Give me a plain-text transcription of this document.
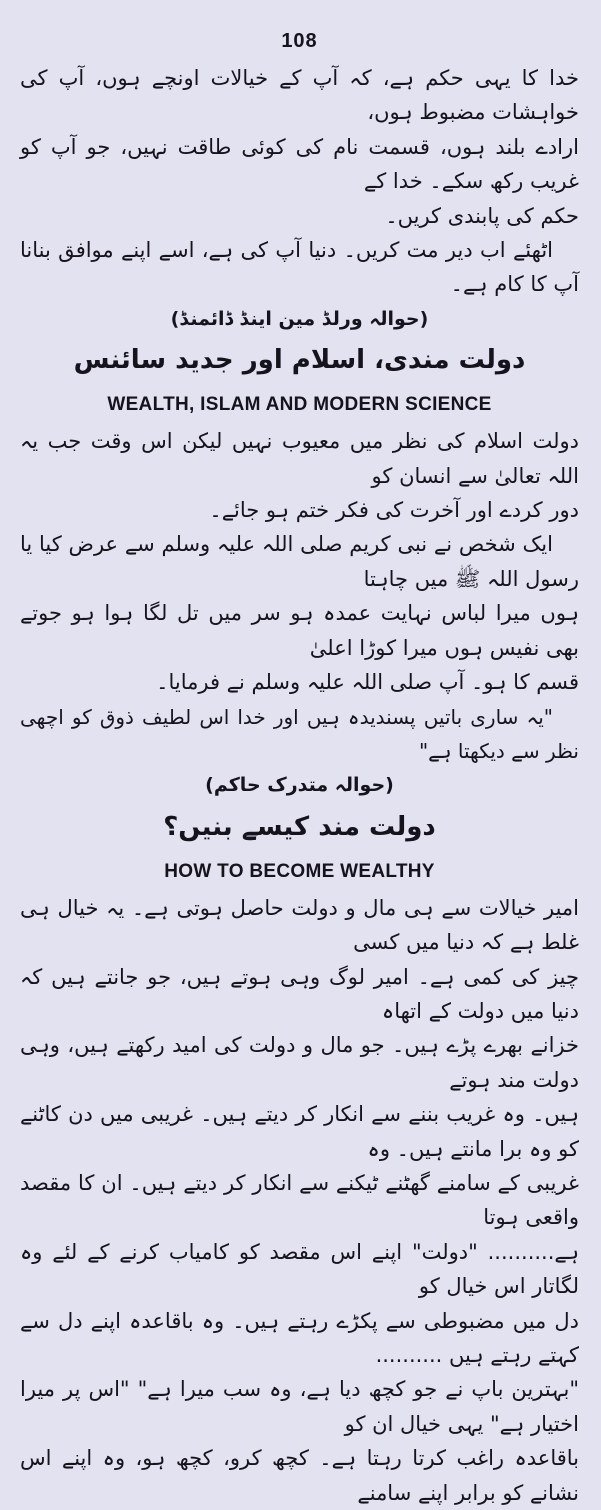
108

خدا کا یہی حکم ہے، کہ آپ کے خیالات اونچے ہوں، آپ کی خواہشات مضبوط ہوں،

ارادے بلند ہوں، قسمت نام کی کوئی طاقت نہیں، جو آپ کو غریب رکھ سکے۔ خدا کے

حکم کی پابندی کریں۔

اٹھئے اب دیر مت کریں۔ دنیا آپ کی ہے، اسے اپنے موافق بنانا آپ کا کام ہے۔

(حوالہ ورلڈ مین اینڈ ڈائمنڈ)

دولت مندی، اسلام اور جدید سائنس
WEALTH, ISLAM AND MODERN SCIENCE

دولت اسلام کی نظر میں معیوب نہیں لیکن اس وقت جب یہ اللہ تعالیٰ سے انسان کو

دور کردے اور آخرت کی فکر ختم ہو جائے۔

ایک شخص نے نبی کریم صلی اللہ علیہ وسلم سے عرض کیا یا رسول اللہ ﷺ میں چاہتا

ہوں میرا لباس نہایت عمدہ ہو سر میں تل لگا ہوا ہو جوتے بھی نفیس ہوں میرا کوڑا اعلیٰ

قسم کا ہو۔ آپ صلی اللہ علیہ وسلم نے فرمایا۔

"یہ ساری باتیں پسندیدہ ہیں اور خدا اس لطیف ذوق کو اچھی نظر سے دیکھتا ہے"

(حوالہ متدرک حاکم)

دولت مند کیسے بنیں؟
HOW TO BECOME WEALTHY

امیر خیالات سے ہی مال و دولت حاصل ہوتی ہے۔ یہ خیال ہی غلط ہے کہ دنیا میں کسی

چیز کی کمی ہے۔ امیر لوگ وہی ہوتے ہیں، جو جانتے ہیں کہ دنیا میں دولت کے اتھاہ

خزانے بھرے پڑے ہیں۔ جو مال و دولت کی امید رکھتے ہیں، وہی دولت مند ہوتے

ہیں۔ وہ غریب بننے سے انکار کر دیتے ہیں۔ غریبی میں دن کاٹنے کو وہ برا مانتے ہیں۔ وہ

غریبی کے سامنے گھٹنے ٹیکنے سے انکار کر دیتے ہیں۔ ان کا مقصد واقعی ہوتا

ہے.......... "دولت" اپنے اس مقصد کو کامیاب کرنے کے لئے وہ لگاتار اس خیال کو

دل میں مضبوطی سے پکڑے رہتے ہیں۔ وہ باقاعدہ اپنے دل سے کہتے رہتے ہیں ..........

"بہترین باپ نے جو کچھ دیا ہے، وہ سب میرا ہے" "اس پر میرا اختیار ہے" یہی خیال ان کو

باقاعدہ راغب کرتا رہتا ہے۔ کچھ کرو، کچھ ہو، وہ اپنے اس نشانے کو برابر اپنے سامنے
